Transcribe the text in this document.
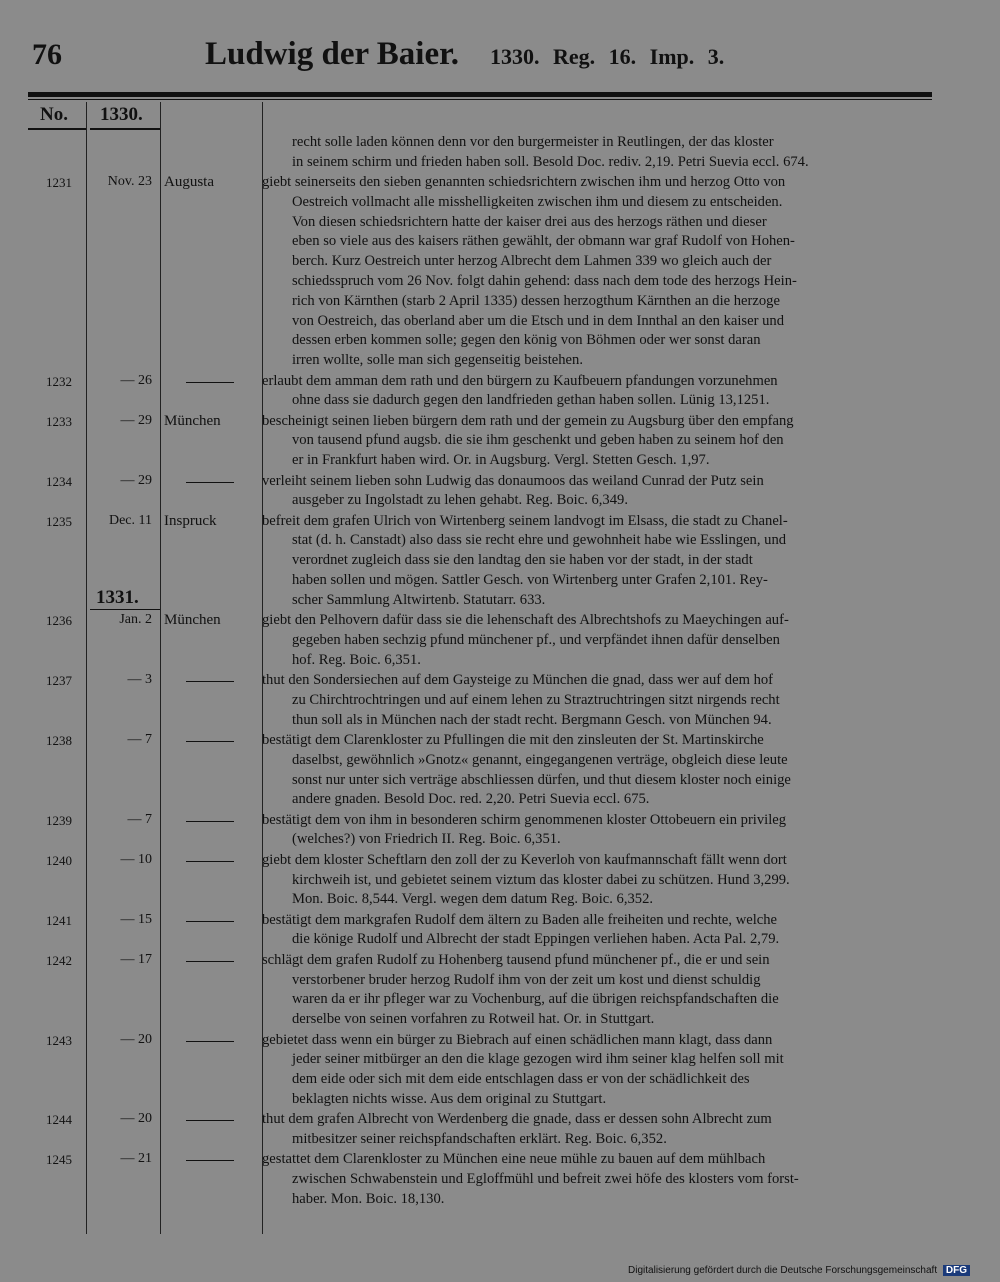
76	Ludwig der Baier. 1330. Reg. 16. Imp. 3.
No. 1330.
recht solle laden können denn vor den burgermeister in Reutlingen, der das kloster
in seinem schirm und frieden haben soll. Besold Doc. rediv. 2,19. Petri Suevia eccl. 674.
1231	Nov. 23 Augusta	giebt seinerseits den sieben genannten schiedsrichtern zwischen ihm und herzog Otto von
Oestreich vollmacht alle misshelligkeiten zwischen ihm und diesem zu entscheiden.
Von diesen schiedsrichtern hatte der kaiser drei aus des herzogs räthen und dieser
eben so viele aus des kaisers räthen gewählt, der obmann war graf Rudolf von Hohen-
berch. Kurz Oestreich unter herzog Albrecht dem Lahmen 339 wo gleich auch der
schiedsspruch vom 26 Nov. folgt dahin gehend: dass nach dem tode des herzogs Hein-
rich von Kärnthen (starb 2 April 1335) dessen herzogthum Kärnthen an die herzoge
von Oestreich, das oberland aber um die Etsch und in dem Innthal an den kaiser und
dessen erben kommen solle; gegen den könig von Böhmen oder wer sonst daran
irren wollte, solle man sich gegenseitig beistehen.
1232	— 26	erlaubt dem amman dem rath und den bürgern zu Kaufbeuern pfandungen vorzunehmen
ohne dass sie dadurch gegen den landfrieden gethan haben sollen. Lünig 13,1251.
1233	— 29 München	bescheinigt seinen lieben bürgern dem rath und der gemein zu Augsburg über den empfang
von tausend pfund augsb. die sie ihm geschenkt und geben haben zu seinem hof den
er in Frankfurt haben wird. Or. in Augsburg. Vergl. Stetten Gesch. 1,97.
1234	— 29	verleiht seinem lieben sohn Ludwig das donaumoos das weiland Cunrad der Putz sein
ausgeber zu Ingolstadt zu lehen gehabt. Reg. Boic. 6,349.
1235	Dec. 11 Inspruck	befreit dem grafen Ulrich von Wirtenberg seinem landvogt im Elsass, die stadt zu Chanel-
stat (d. h. Canstadt) also dass sie recht ehre und gewohnheit habe wie Esslingen, und
verordnet zugleich dass sie den landtag den sie haben vor der stadt, in der stadt
haben sollen und mögen. Sattler Gesch. von Wirtenberg unter Grafen 2,101. Rey-
scher Sammlung Altwirtenb. Statutarr. 633.
1331.
1236	Jan. 2 München	giebt den Pelhovern dafür dass sie die lehenschaft des Albrechtshofs zu Maeychingen auf-
gegeben haben sechzig pfund münchener pf., und verpfändet ihnen dafür denselben
hof. Reg. Boic. 6,351.
1237	— 3	thut den Sondersiechen auf dem Gaysteige zu München die gnad, dass wer auf dem hof
zu Chirchtrochtringen und auf einem lehen zu Straztruchtringen sitzt nirgends recht
thun soll als in München nach der stadt recht. Bergmann Gesch. von München 94.
1238	— 7	bestätigt dem Clarenkloster zu Pfullingen die mit den zinsleuten der St. Martinskirche
daselbst, gewöhnlich »Gnotz« genannt, eingegangenen verträge, obgleich diese leute
sonst nur unter sich verträge abschliessen dürfen, und thut diesem kloster noch einige
andere gnaden. Besold Doc. red. 2,20. Petri Suevia eccl. 675.
1239	— 7	bestätigt dem von ihm in besonderen schirm genommenen kloster Ottobeuern ein privileg
(welches?) von Friedrich II. Reg. Boic. 6,351.
1240	— 10	giebt dem kloster Scheftlarn den zoll der zu Keverloh von kaufmannschaft fällt wenn dort
kirchweih ist, und gebietet seinem viztum das kloster dabei zu schützen. Hund 3,299.
Mon. Boic. 8,544. Vergl. wegen dem datum Reg. Boic. 6,352.
1241	— 15	bestätigt dem markgrafen Rudolf dem ältern zu Baden alle freiheiten und rechte, welche
die könige Rudolf und Albrecht der stadt Eppingen verliehen haben. Acta Pal. 2,79.
1242	— 17	schlägt dem grafen Rudolf zu Hohenberg tausend pfund münchener pf., die er und sein
verstorbener bruder herzog Rudolf ihm von der zeit um kost und dienst schuldig
waren da er ihr pfleger war zu Vochenburg, auf die übrigen reichspfandschaften die
derselbe von seinen vorfahren zu Rotweil hat. Or. in Stuttgart.
1243	— 20	gebietet dass wenn ein bürger zu Biebrach auf einen schädlichen mann klagt, dass dann
jeder seiner mitbürger an den die klage gezogen wird ihm seiner klag helfen soll mit
dem eide oder sich mit dem eide entschlagen dass er von der schädlichkeit des
beklagten nichts wisse. Aus dem original zu Stuttgart.
1244	— 20	thut dem grafen Albrecht von Werdenberg die gnade, dass er dessen sohn Albrecht zum
mitbesitzer seiner reichspfandschaften erklärt. Reg. Boic. 6,352.
1245	— 21	gestattet dem Clarenkloster zu München eine neue mühle zu bauen auf dem mühlbach
zwischen Schwabenstein und Egloffmühl und befreit zwei höfe des klosters vom forst-
haber. Mon. Boic. 18,130.
Digitalisierung gefördert durch die Deutsche Forschungsgemeinschaft DFG
